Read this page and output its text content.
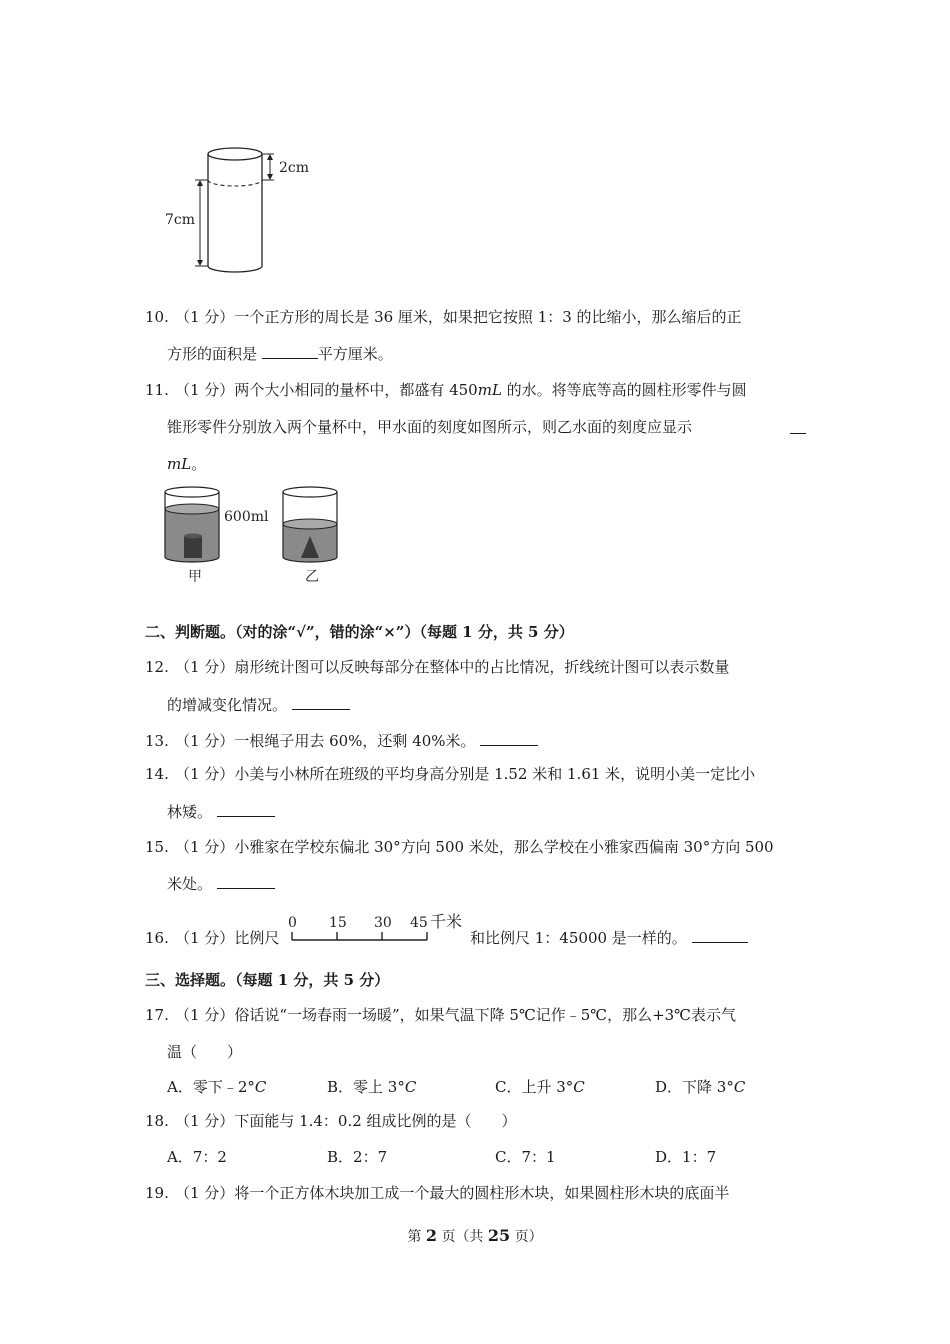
2cm
7cm
10. （1 分）一个正方形的周长是 36 厘米，如果把它按照 1：3 的比缩小，那么缩后的正
方形的面积是	平方厘米。
11. （1 分）两个大小相同的量杯中，都盛有 450mL 的水。将等底等高的圆柱形零件与圆
锥形零件分别放入两个量杯中，甲水面的刻度如图所示，则乙水面的刻度应显示
mL。
600ml
甲	乙
二、判断题。（对的涂“√”，错的涂“×”）（每题 1 分，共 5 分）
12. （1 分）扇形统计图可以反映每部分在整体中的占比情况，折线统计图可以表示数量
的增减变化情况。
13. （1 分）一根绳子用去 60%，还剩 40%米。
14. （1 分）小美与小林所在班级的平均身高分别是 1.52 米和 1.61 米，说明小美一定比小
林矮。
15. （1 分）小雅家在学校东偏北 30°方向 500 米处，那么学校在小雅家西偏南 30°方向 500
米处。
16. （1 分）比例尺
0 15 30 45 千米
和比例尺 1：45000 是一样的。
三、选择题。（每题 1 分，共 5 分）
17. （1 分）俗话说“一场春雨一场暖”，如果气温下降 5℃记作﹣5℃，那么+3℃表示气
温（　　）
A．零下﹣2°C	B．零上 3°C	C．上升 3°C	D．下降 3°C
18. （1 分）下面能与 1.4：0.2 组成比例的是（　　）
A．7：2	B．2：7	C．7：1	D．1：7
19. （1 分）将一个正方体木块加工成一个最大的圆柱形木块，如果圆柱形木块的底面半
第 2 页（共 25 页）
